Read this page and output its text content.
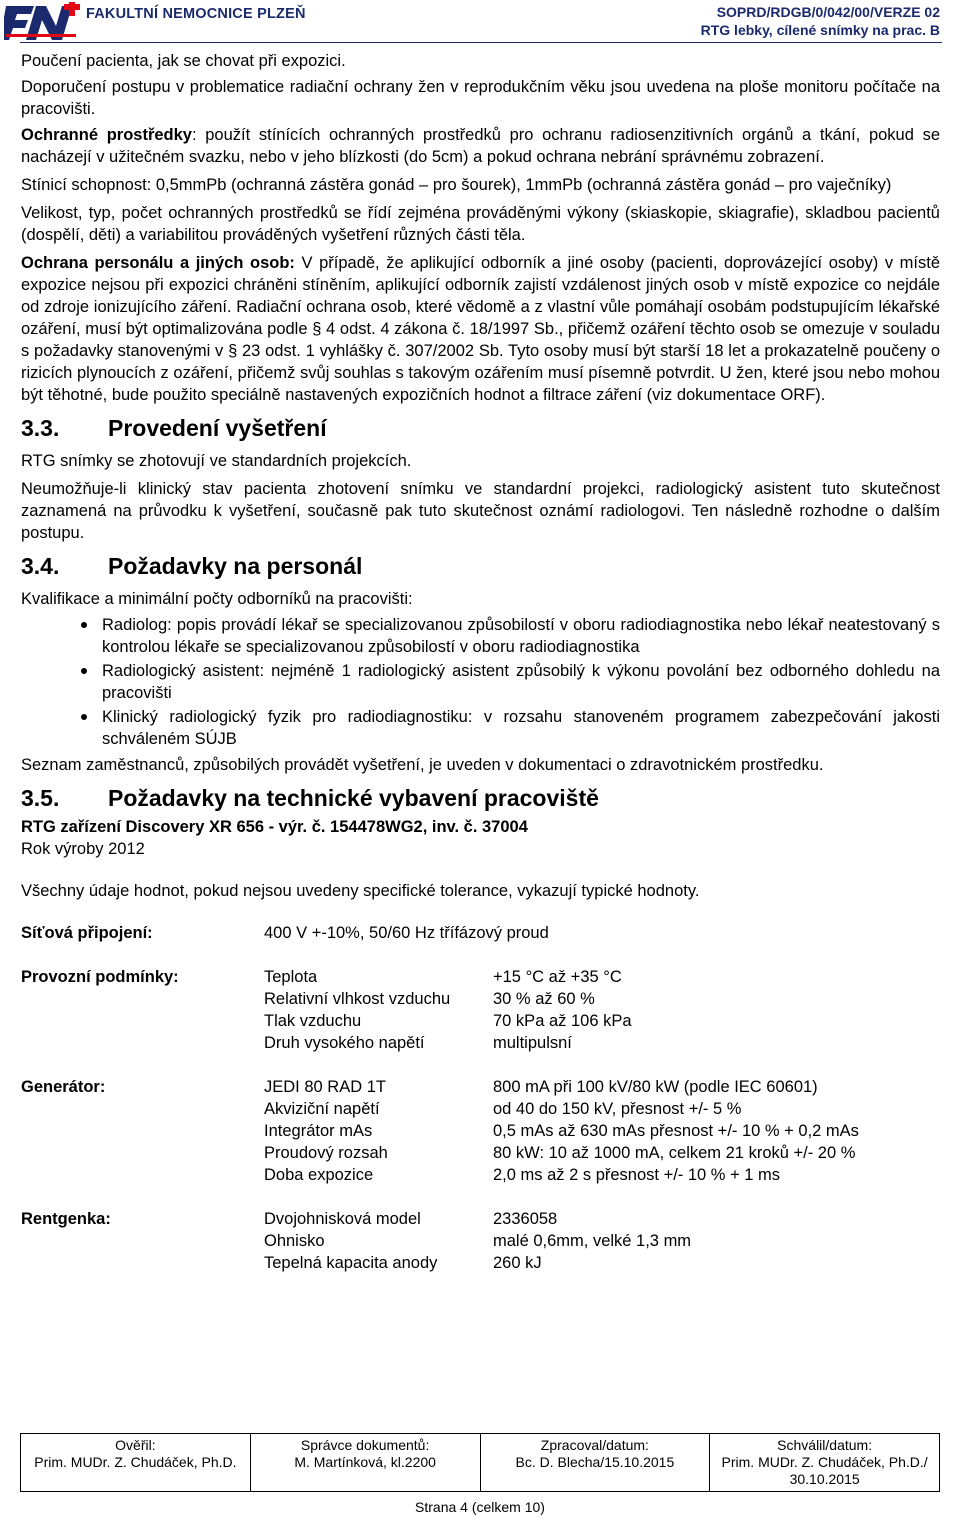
FAKULTNÍ NEMOCNICE PLZEŇ	SOPRD/RDGB/0/042/00/VERZE 02
RTG lebky, cílené snímky na prac. B

Poučení pacienta, jak se chovat při expozici.

Doporučení postupu v problematice radiační ochrany žen v reprodukčním věku jsou uvedena na ploše monitoru počítače na pracovišti.

Ochranné prostředky: použít stínících ochranných prostředků pro ochranu radiosenzitivních orgánů a tkání, pokud se nacházejí v užitečném svazku, nebo v jeho blízkosti (do 5cm) a pokud ochrana nebrání správnému zobrazení.

Stínicí schopnost: 0,5mmPb (ochranná zástěra gonád – pro šourek), 1mmPb (ochranná zástěra gonád – pro vaječníky)

Velikost, typ, počet ochranných prostředků se řídí zejména prováděnými výkony (skiaskopie, skiagrafie), skladbou pacientů (dospělí, děti) a variabilitou prováděných vyšetření různých části těla.

Ochrana personálu a jiných osob: V případě, že aplikující odborník a jiné osoby (pacienti, doprovázející osoby) v místě expozice nejsou při expozici chráněni stíněním, aplikující odborník zajistí vzdálenost jiných osob v místě expozice co nejdále od zdroje ionizujícího záření. Radiační ochrana osob, které vědomě a z vlastní vůle pomáhají osobám podstupujícím lékařské ozáření, musí být optimalizována podle § 4 odst. 4 zákona č. 18/1997 Sb., přičemž ozáření těchto osob se omezuje v souladu s požadavky stanovenými v § 23 odst. 1 vyhlášky č. 307/2002 Sb. Tyto osoby musí být starší 18 let a prokazatelně poučeny o rizicích plynoucích z ozáření, přičemž svůj souhlas s takovým ozářením musí písemně potvrdit. U žen, které jsou nebo mohou být těhotné, bude použito speciálně nastavených expozičních hodnot a filtrace záření (viz dokumentace ORF).

3.3.	Provedení vyšetření

RTG snímky se zhotovují ve standardních projekcích.

Neumožňuje-li klinický stav pacienta zhotovení snímku ve standardní projekci, radiologický asistent tuto skutečnost zaznamená na průvodku k vyšetření, současně pak tuto skutečnost oznámí radiologovi. Ten následně rozhodne o dalším postupu.

3.4.	Požadavky na personál

Kvalifikace a minimální počty odborníků na pracovišti:

Radiolog: popis provádí lékař se specializovanou způsobilostí v oboru radiodiagnostika nebo lékař neatestovaný s kontrolou lékaře se specializovanou způsobilostí v oboru radiodiagnostika
Radiologický asistent: nejméně 1 radiologický asistent způsobilý k výkonu povolání bez odborného dohledu na pracovišti
Klinický radiologický fyzik pro radiodiagnostiku: v rozsahu stanoveném programem zabezpečování jakosti schváleném SÚJB

Seznam zaměstnanců, způsobilých provádět vyšetření, je uveden v dokumentaci o zdravotnickém prostředku.

3.5.	Požadavky na technické vybavení pracoviště

RTG zařízení Discovery XR 656 - výr. č. 154478WG2, inv. č. 37004

Rok výroby 2012

Všechny údaje hodnot, pokud nejsou uvedeny specifické tolerance, vykazují typické hodnoty.

Síťová připojení:	400 V +-10%, 50/60 Hz třífázový proud
Provozní podmínky:	Teplota	+15 °C až +35 °C
Relativní vlhkost vzduchu	30 % až 60 %
Tlak vzduchu	70 kPa až 106 kPa
Druh vysokého napětí	multipulsní
Generátor:	JEDI 80 RAD 1T	800 mA při 100 kV/80 kW (podle IEC 60601)
Akviziční napětí	od 40 do 150 kV, přesnost +/- 5 %
Integrátor mAs	0,5 mAs až 630 mAs přesnost +/- 10 % + 0,2 mAs
Proudový rozsah	80 kW: 10 až 1000 mA, celkem 21 kroků +/- 20 %
Doba expozice	2,0 ms až 2 s přesnost +/- 10 % + 1 ms
Rentgenka:	Dvojohnisková model	2336058
Ohnisko	malé 0,6mm, velké 1,3 mm
Tepelná kapacita anody	260 kJ
Ověřil:
Prim. MUDr. Z. Chudáček, Ph.D.

Správce dokumentů:
M. Martínková, kl.2200

Zpracoval/datum:
Bc. D. Blecha/15.10.2015

Schválil/datum:
Prim. MUDr. Z. Chudáček, Ph.D./ 30.10.2015
Strana 4 (celkem 10)
